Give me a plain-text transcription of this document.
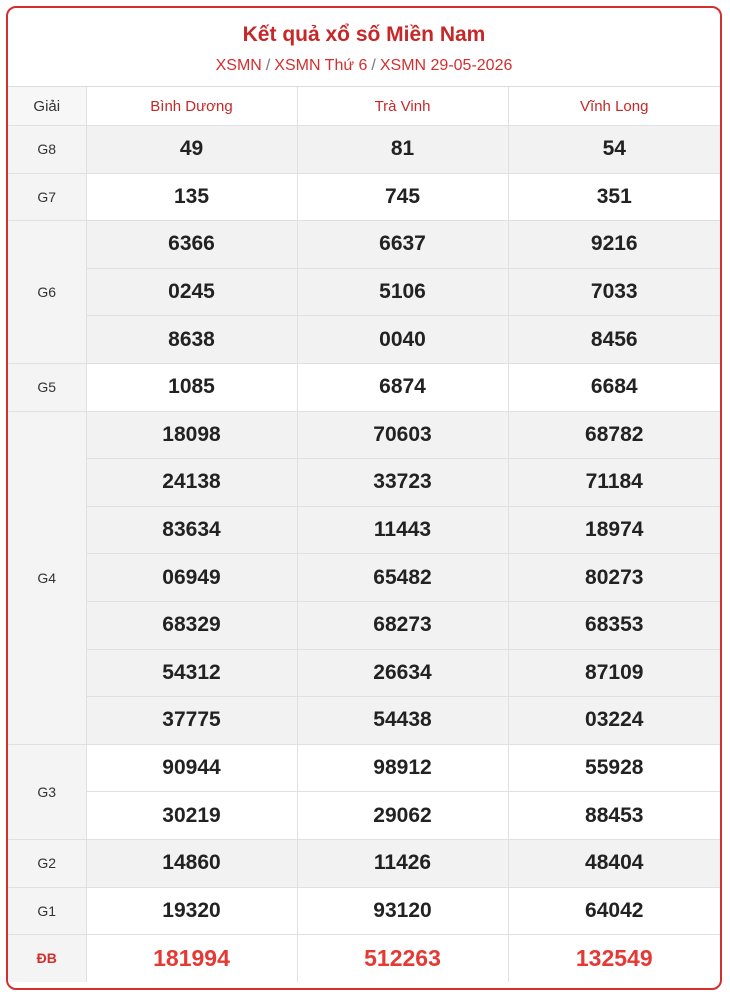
Kết quả xổ số Miền Nam
XSMN / XSMN Thứ 6 / XSMN 29-05-2026
Giải	Bình Dương	Trà Vinh	Vĩnh Long
G8	49	81	54
G7	135	745	351
G6	6366	6637	9216
	0245	5106	7033
	8638	0040	8456
G5	1085	6874	6684
G4	18098	70603	68782
	24138	33723	71184
	83634	11443	18974
	06949	65482	80273
	68329	68273	68353
	54312	26634	87109
	37775	54438	03224
G3	90944	98912	55928
	30219	29062	88453
G2	14860	11426	48404
G1	19320	93120	64042
ĐB	181994	512263	132549
